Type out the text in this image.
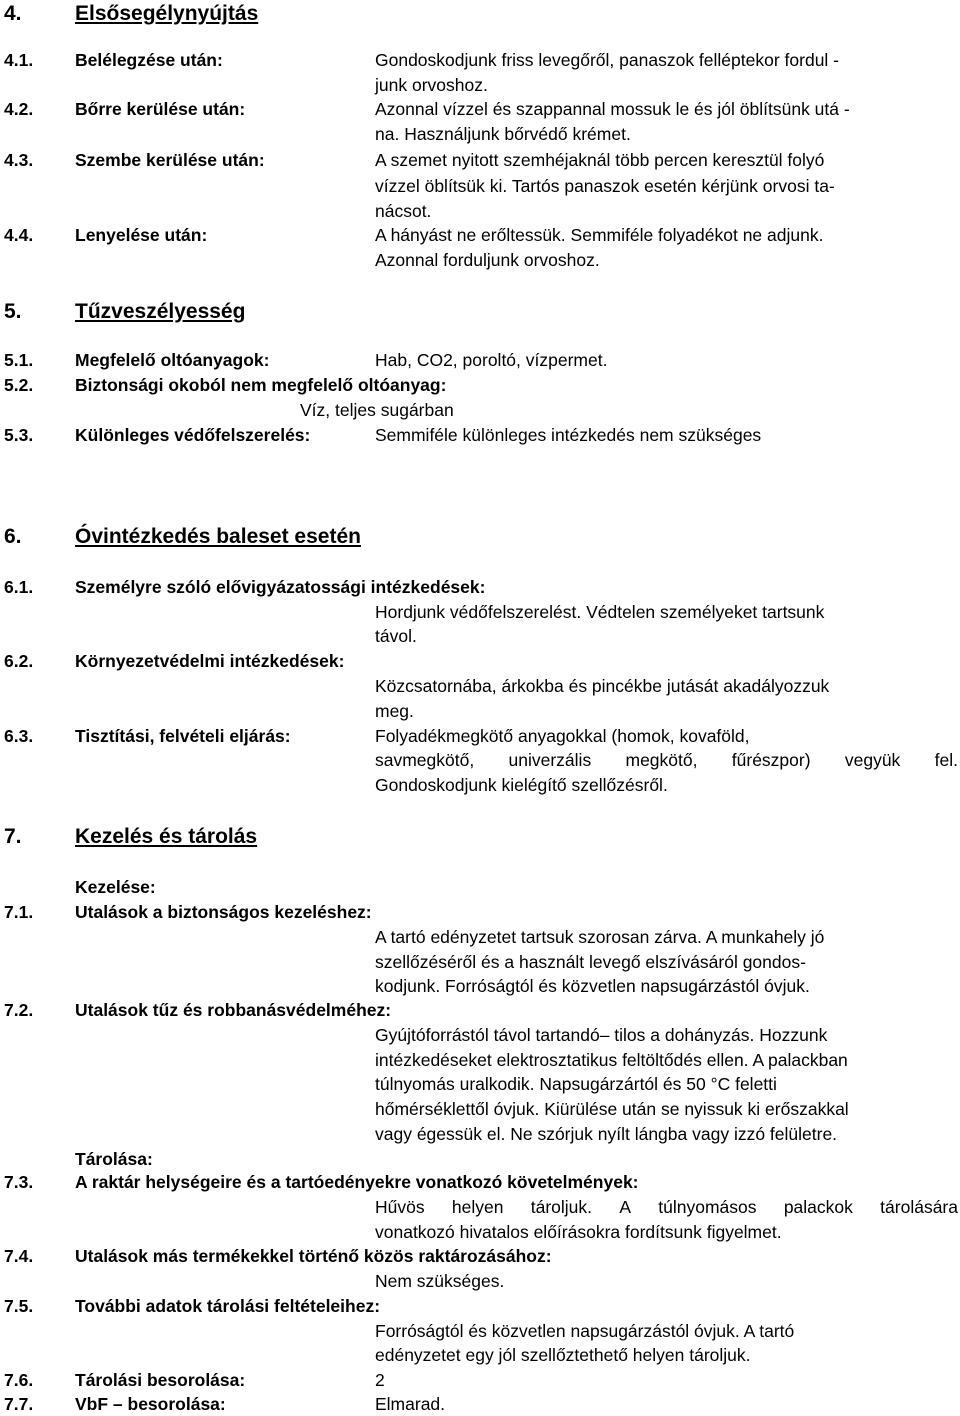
4.	Elsősegélynyújtás
4.1. Belélegzése után:	Gondoskodjunk friss levegőről, panaszok felléptekor fordul -
junk orvoshoz.
4.2. Bőrre kerülése után:	Azonnal vízzel és szappannal mossuk le és jól öblítsünk utá -
na. Használjunk bőrvédő krémet.
4.3. Szembe kerülése után:	A szemet nyitott szemhéjaknál több percen keresztül folyó
vízzel öblítsük ki. Tartós panaszok esetén kérjünk orvosi ta-
nácsot.
4.4. Lenyelése után:	A hányást ne erőltessük. Semmiféle folyadékot ne adjunk.
Azonnal forduljunk orvoshoz.
5.	Tűzveszélyesség
5.1. Megfelelő oltóanyagok:	Hab, CO2, poroltó, vízpermet.
5.2. Biztonsági okoból nem megfelelő oltóanyag:
Víz, teljes sugárban
5.3. Különleges védőfelszerelés:	Semmiféle különleges intézkedés nem szükséges
6.	Óvintézkedés baleset esetén
6.1. Személyre szóló elővigyázatossági intézkedések:
Hordjunk védőfelszerelést. Védtelen személyeket tartsunk
távol.
6.2. Környezetvédelmi intézkedések:
Közcsatornába, árkokba és pincékbe jutását akadályozzuk
meg.
6.3. Tisztítási, felvételi eljárás:	Folyadékmegkötő anyagokkal (homok, kovaföld,
savmegkötő, univerzális megkötő, fűrészpor) vegyük fel.
Gondoskodjunk kielégítő szellőzésről.
7.	Kezelés és tárolás
Kezelése:
7.1. Utalások a biztonságos kezeléshez:
A tartó edényzetet tartsuk szorosan zárva. A munkahely jó
szellőzéséről és a használt levegő elszívásáról gondos-
kodjunk. Forróságtól és közvetlen napsugárzástól óvjuk.
7.2. Utalások tűz és robbanásvédelméhez:
Gyújtóforrástól távol tartandó– tilos a dohányzás. Hozzunk
intézkedéseket elektrosztatikus feltöltődés ellen. A palackban
túlnyomás uralkodik. Napsugárzártól és 50 °C feletti
hőmérséklettől óvjuk. Kiürülése után se nyissuk ki erőszakkal
vagy égessük el. Ne szórjuk nyílt lángba vagy izzó felületre.
Tárolása:
7.3. A raktár helységeire és a tartóedényekre vonatkozó követelmények:
Hűvös helyen tároljuk. A túlnyomásos palackok tárolására
vonatkozó hivatalos előírásokra fordítsunk figyelmet.
7.4. Utalások más termékekkel történő közös raktározásához:
Nem szükséges.
7.5. További adatok tárolási feltételeihez:
Forróságtól és közvetlen napsugárzástól óvjuk. A tartó
edényzetet egy jól szellőztethető helyen tároljuk.
7.6. Tárolási besorolása:	2
7.7. VbF – besorolása:	Elmarad.
